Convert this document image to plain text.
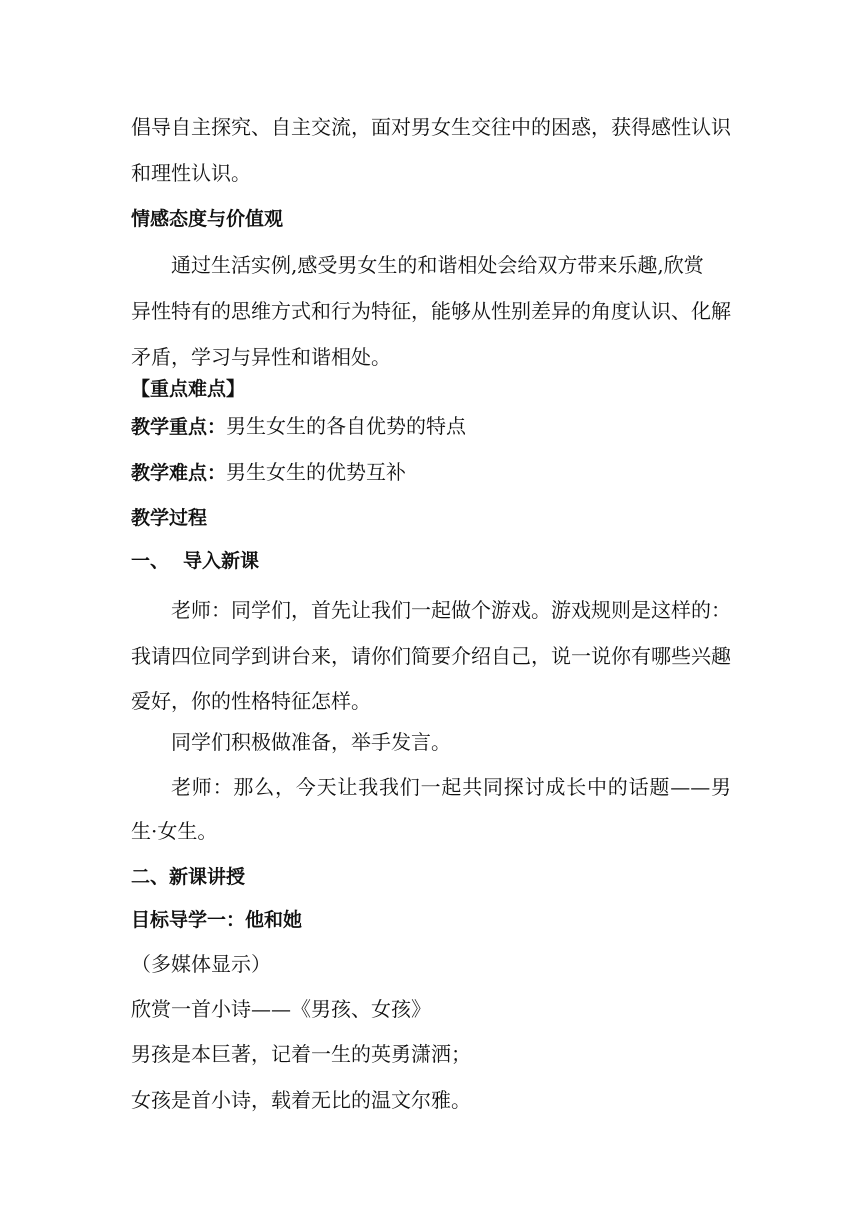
倡导自主探究、自主交流，面对男女生交往中的困惑，获得感性认识
和理性认识。
情感态度与价值观
通过生活实例,感受男女生的和谐相处会给双方带来乐趣,欣赏
异性特有的思维方式和行为特征，能够从性别差异的角度认识、化解
矛盾，学习与异性和谐相处。
【重点难点】
教学重点：男生女生的各自优势的特点
教学难点：男生女生的优势互补
教学过程
一、 导入新课
老师：同学们，首先让我们一起做个游戏。游戏规则是这样的：
我请四位同学到讲台来，请你们简要介绍自己，说一说你有哪些兴趣
爱好，你的性格特征怎样。
同学们积极做准备，举手发言。
老师：那么，今天让我我们一起共同探讨成长中的话题——男
生·女生。
二、新课讲授
目标导学一：他和她
（多媒体显示）
欣赏一首小诗——《男孩、女孩》
男孩是本巨著，记着一生的英勇潇洒；
女孩是首小诗，载着无比的温文尔雅。
